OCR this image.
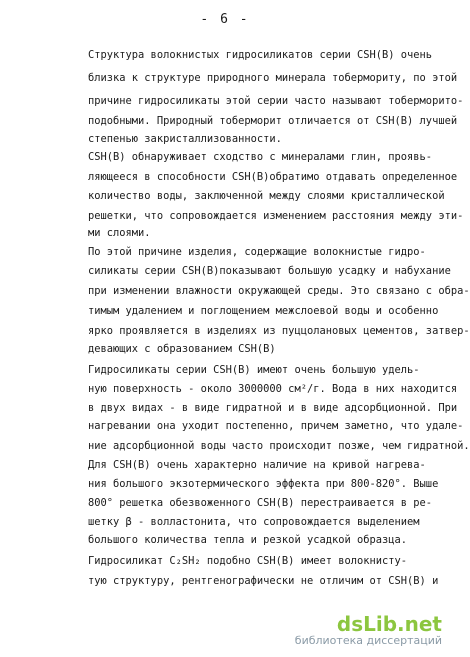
- 6 -
Структура волокнистых гидросиликатов серии CSH(B) очень
близка к структуре природного минерала тобермориту, по этой
причине гидросиликаты этой серии часто называют тоберморито-
подобными. Природный тоберморит отличается от CSH(B) лучшей
степенью закристаллизованности.
CSH(B) обнаруживает сходство с минералами глин, проявь-
ляющееся в способности CSH(B)обратимо отдавать определенное
количество воды, заключенной между слоями кристаллической
решетки, что сопровождается изменением расстояния между эти-
ми слоями.
По этой причине изделия, содержащие волокнистые гидро-
силикаты серии CSH(B)показывают большую усадку и набухание
при изменении влажности окружающей среды. Это связано с обра-
тимым удалением и поглощением межслоевой воды и особенно
ярко проявляется в изделиях из пуццолановых цементов, затвер-
девающих с образованием CSH(B)
Гидросиликаты серии CSH(B) имеют очень большую удель-
ную поверхность - около 3000000 см²/г. Вода в них находится
в двух видах - в виде гидратной и в виде адсорбционной. При
нагревании она уходит постепенно, причем заметно, что удале-
ние адсорбционной воды часто происходит позже, чем гидратной.
Для CSH(B) очень характерно наличие на кривой нагрева-
ния большого экзотермического эффекта при 800-820°. Выше
800° решетка обезвоженного CSH(B) перестраивается в ре-
шетку β - волластонита, что сопровождается выделением
большого количества тепла и резкой усадкой образца.
Гидросиликат C₂SH₂ подобно CSH(B) имеет волокнисту-
тую структуру, рентгенографически не отличим от CSH(B) и
dsLib.net
библиотека диссертаций
